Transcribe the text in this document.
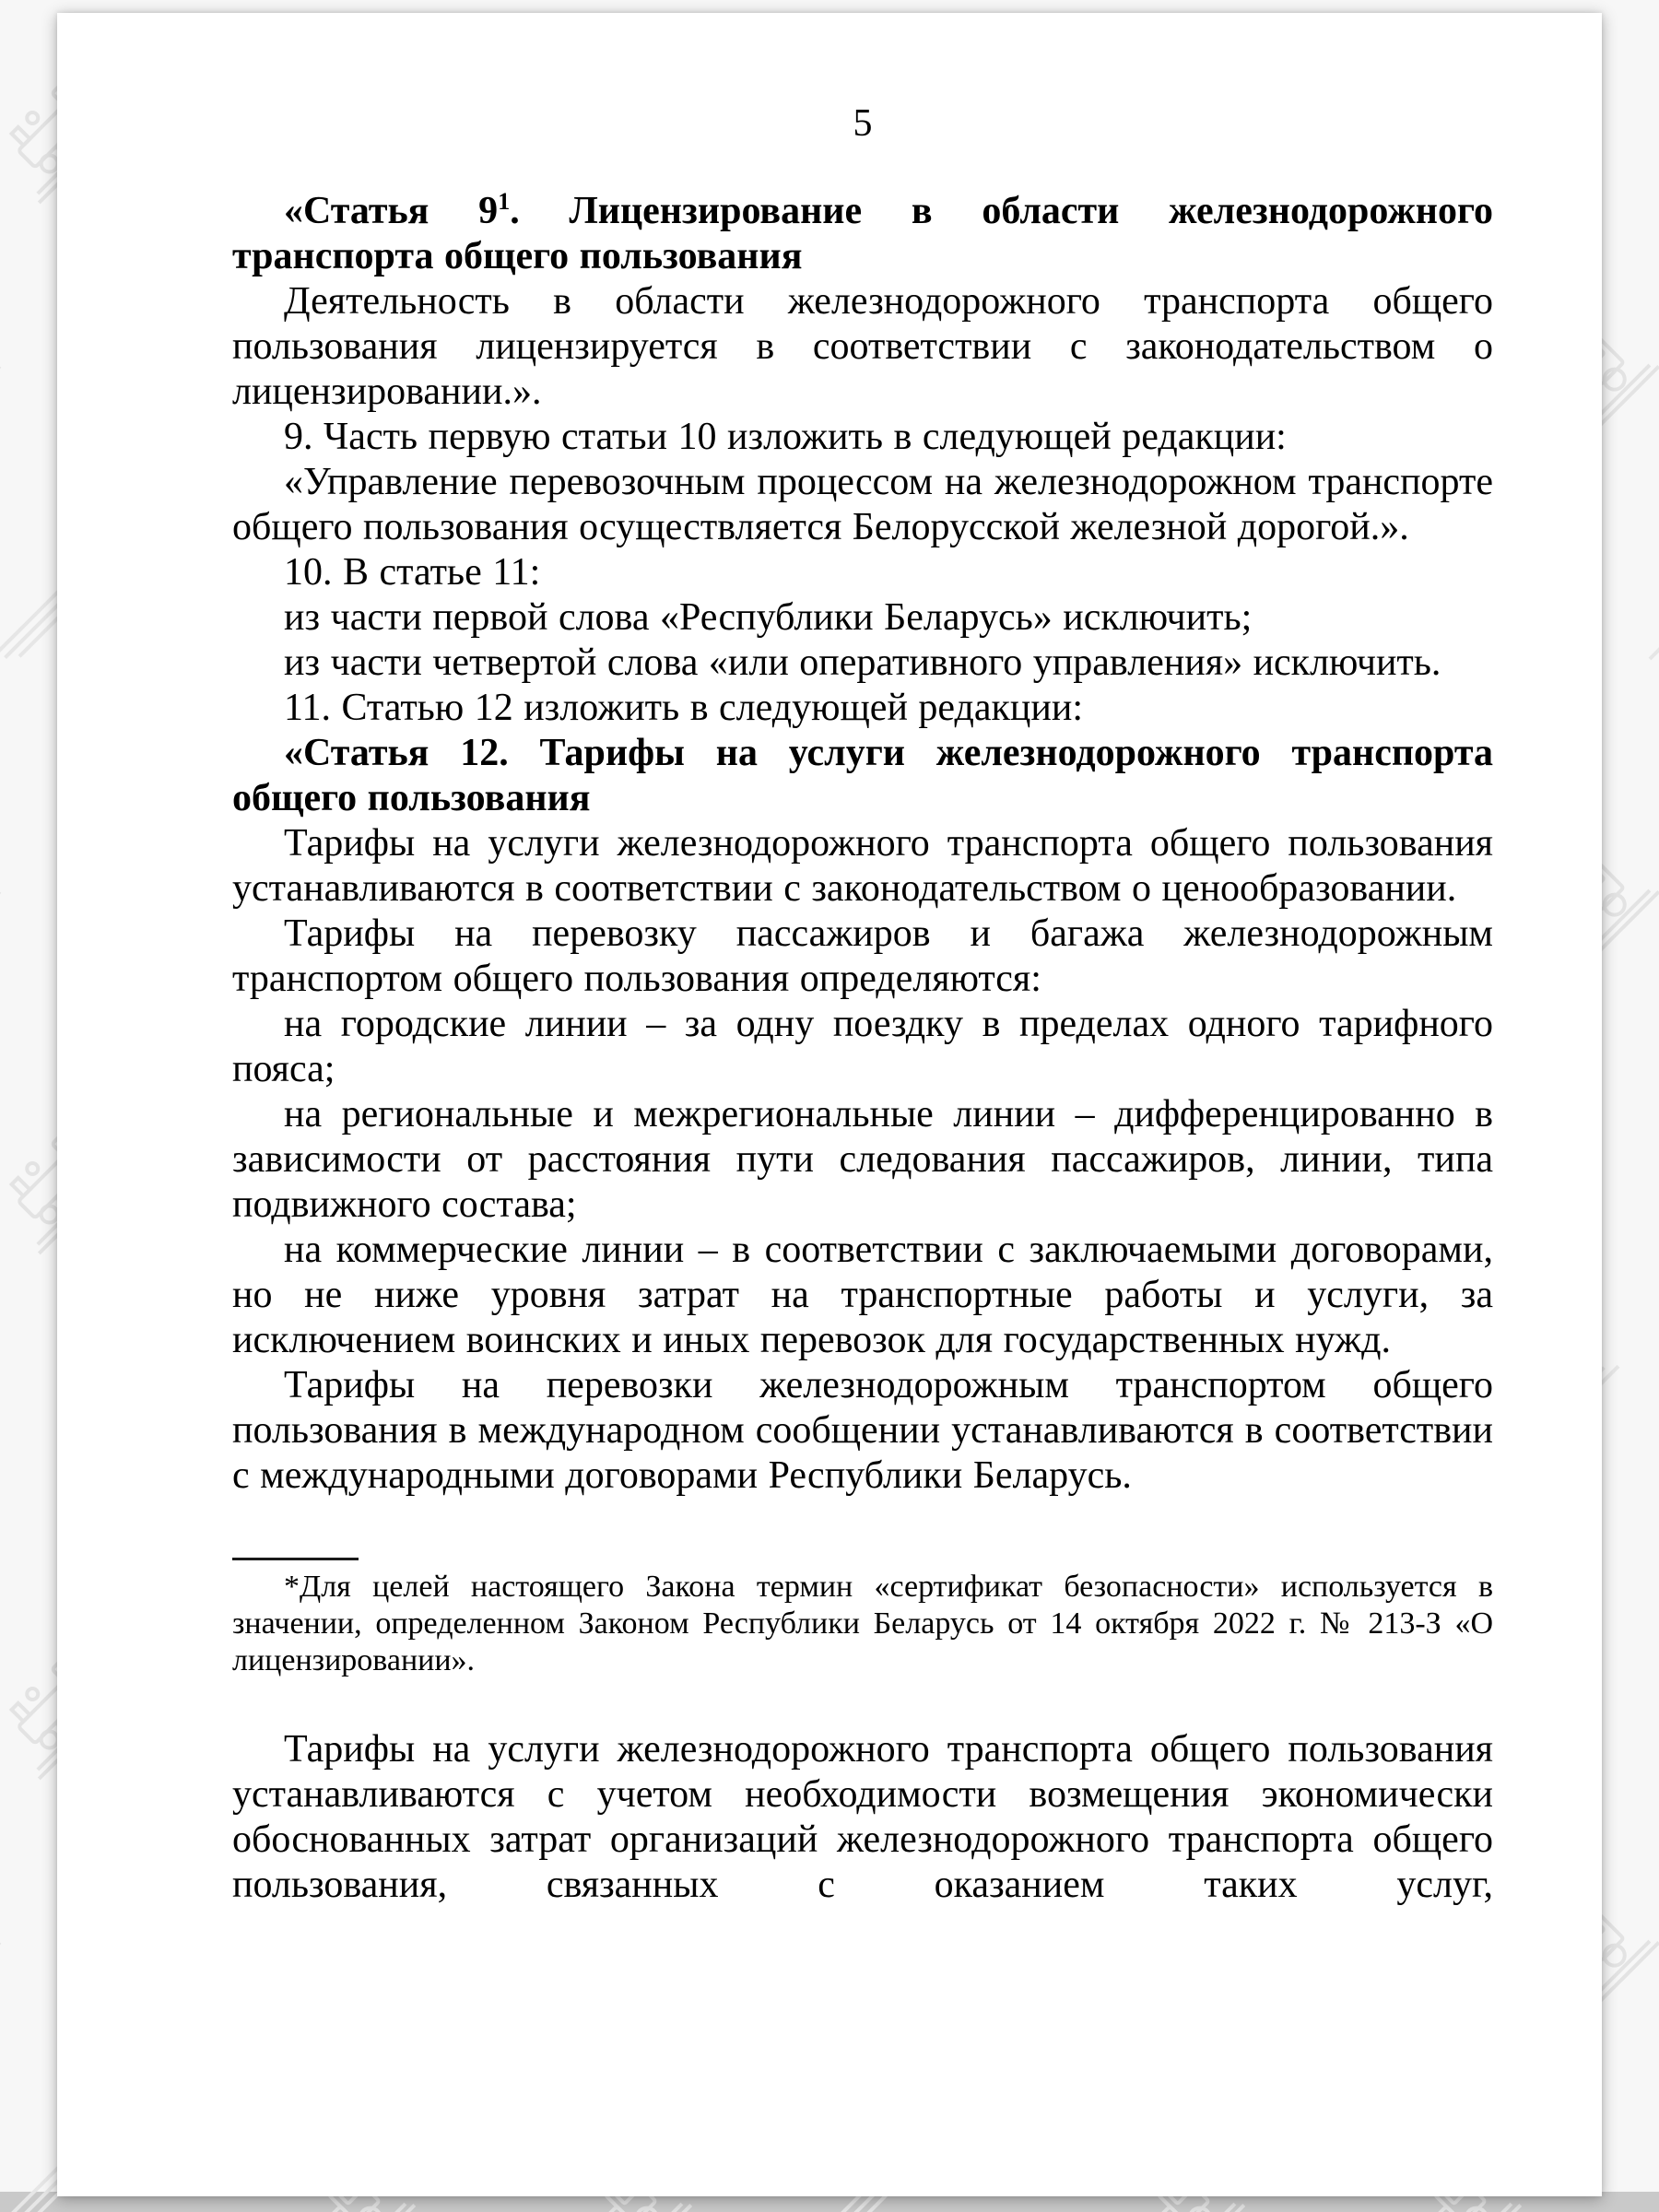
5

«Статья $9^1$. Лицензирование в области железнодорожного транспорта общего пользования

Деятельность в области железнодорожного транспорта общего пользования лицензируется в соответствии с законодательством о лицензировании.».

9. Часть первую статьи 10 изложить в следующей редакции:

«Управление перевозочным процессом на железнодорожном транспорте общего пользования осуществляется Белорусской железной дорогой.».

10. В статье 11:

из части первой слова «Республики Беларусь» исключить;

из части четвертой слова «или оперативного управления» исключить.

11. Статью 12 изложить в следующей редакции:

«Статья 12. Тарифы на услуги железнодорожного транспорта общего пользования

Тарифы на услуги железнодорожного транспорта общего пользования устанавливаются в соответствии с законодательством о ценообразовании.

Тарифы на перевозку пассажиров и багажа железнодорожным транспортом общего пользования определяются:

на городские линии – за одну поездку в пределах одного тарифного пояса;

на региональные и межрегиональные линии – дифференцированно в зависимости от расстояния пути следования пассажиров, линии, типа подвижного состава;

на коммерческие линии – в соответствии с заключаемыми договорами, но не ниже уровня затрат на транспортные работы и услуги, за исключением воинских и иных перевозок для государственных нужд.

Тарифы на перевозки железнодорожным транспортом общего пользования в международном сообщении устанавливаются в соответствии с международными договорами Республики Беларусь.

*Для целей настоящего Закона термин «сертификат безопасности» используется в значении, определенном Законом Республики Беларусь от 14 октября 2022 г. № 213-З «О лицензировании».

Тарифы на услуги железнодорожного транспорта общего пользования устанавливаются с учетом необходимости возмещения экономически обоснованных затрат организаций железнодорожного транспорта общего пользования, связанных с оказанием таких услуг,
